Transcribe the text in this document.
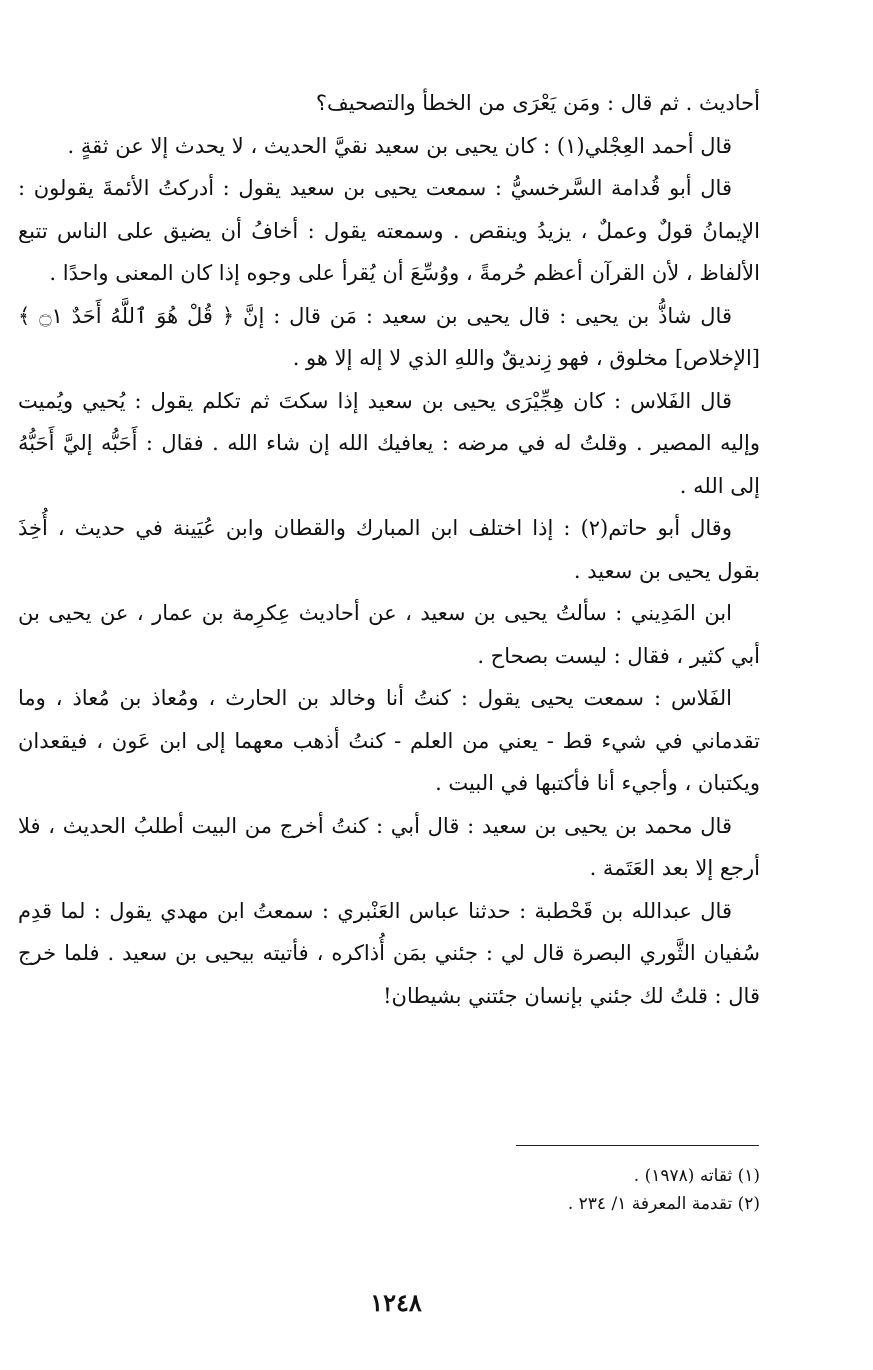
أحاديث . ثم قال : ومَن يَعْرَى من الخطأ والتصحيف؟

قال أحمد العِجْلي(١) : كان يحيى بن سعيد نقيَّ الحديث ، لا يحدث إلا عن ثقةٍ .

قال أبو قُدامة السَّرخسيُّ : سمعت يحيى بن سعيد يقول : أدركتُ الأئمةَ يقولون : الإيمانُ قولٌ وعملٌ ، يزيدُ وينقص . وسمعته يقول : أخافُ أن يضيق على الناس تتبع الألفاظ ، لأن القرآن أعظم حُرمةً ، ووُسِّعَ أن يُقرأ على وجوه إذا كان المعنى واحدًا .

قال شاذُّ بن يحيى : قال يحيى بن سعيد : مَن قال : إنَّ ﴿ قُلْ هُوَ ٱللَّهُ أَحَدٌ ۝١ ﴾ [الإخلاص] مخلوق ، فهو زِنديقٌ واللهِ الذي لا إله إلا هو .

قال الفَلاس : كان هِجِّيْرَى يحيى بن سعيد إذا سكتَ ثم تكلم يقول : يُحيي ويُميت وإليه المصير . وقلتُ له في مرضه : يعافيك الله إن شاء الله . فقال : أَحَبُّه إليَّ أَحَبُّهُ إلى الله .

وقال أبو حاتم(٢) : إذا اختلف ابن المبارك والقطان وابن عُيَينة في حديث ، أُخِذَ بقول يحيى بن سعيد .

ابن المَدِيني : سألتُ يحيى بن سعيد ، عن أحاديث عِكرِمة بن عمار ، عن يحيى بن أبي كثير ، فقال : ليست بصحاح .

الفَلاس : سمعت يحيى يقول : كنتُ أنا وخالد بن الحارث ، ومُعاذ بن مُعاذ ، وما تقدماني في شيء قط - يعني من العلم - كنتُ أذهب معهما إلى ابن عَون ، فيقعدان ويكتبان ، وأجيء أنا فأكتبها في البيت .

قال محمد بن يحيى بن سعيد : قال أبي : كنتُ أخرج من البيت أطلبُ الحديث ، فلا أرجع إلا بعد العَتَمة .

قال عبدالله بن قَحْطبة : حدثنا عباس العَنْبري : سمعتُ ابن مهدي يقول : لما قدِم سُفيان الثَّوري البصرة قال لي : جئني بمَن أُذاكره ، فأتيته بيحيى بن سعيد . فلما خرج قال : قلتُ لك جئني بإنسان جئتني بشيطان!

(١) ثقاته (١٩٧٨) .
(٢) تقدمة المعرفة ١/ ٢٣٤ .
١٢٤٨
